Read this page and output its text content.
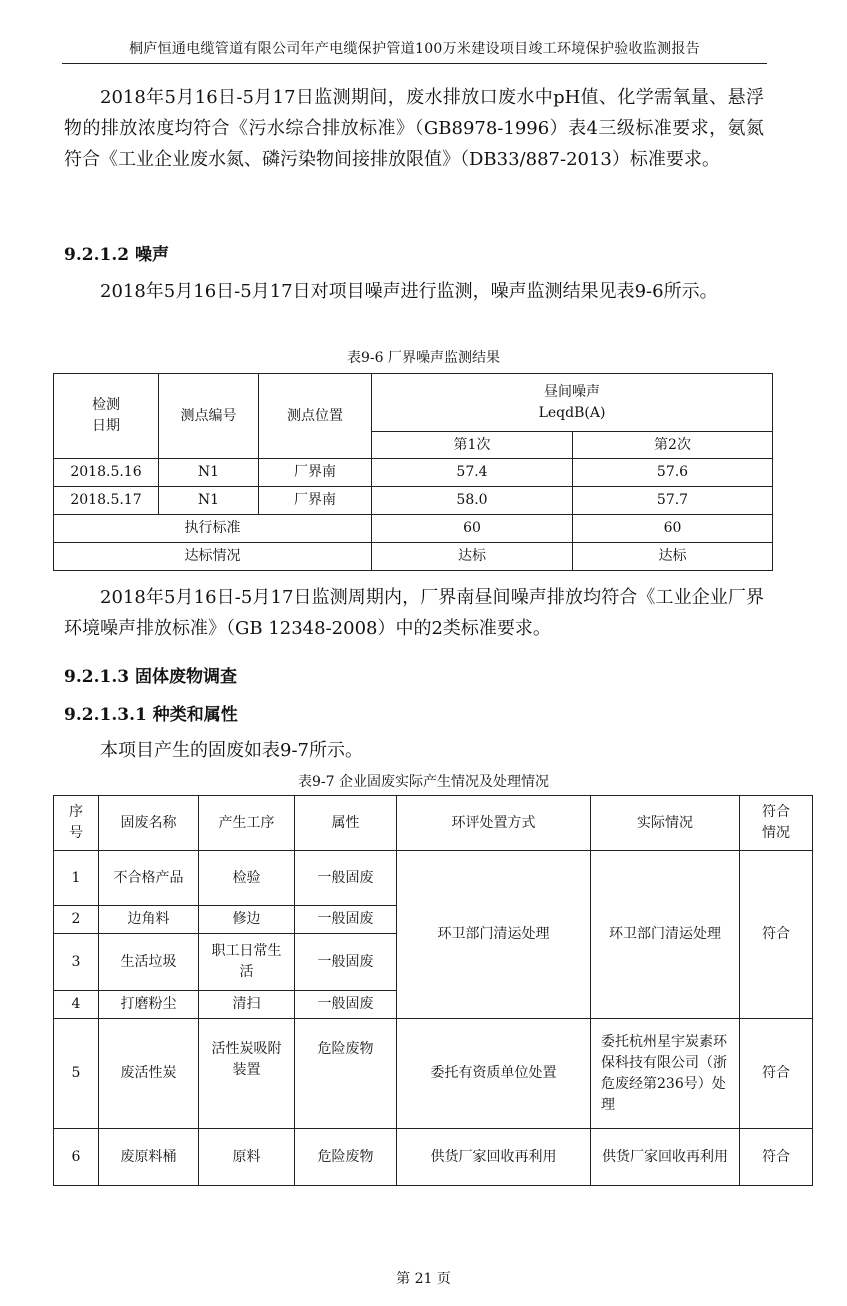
桐庐恒通电缆管道有限公司年产电缆保护管道100万米建设项目竣工环境保护验收监测报告

2018年5月16日-5月17日监测期间，废水排放口废水中pH值、化学需氧量、悬浮物的排放浓度均符合《污水综合排放标准》（GB8978-1996）表4三级标准要求，氨氮符合《工业企业废水氮、磷污染物间接排放限值》（DB33/887-2013）标准要求。

9.2.1.2 噪声

2018年5月16日-5月17日对项目噪声进行监测，噪声监测结果见表9-6所示。

表9-6 厂界噪声监测结果

检测日期	测点编号	测点位置	昼间噪声
LeqdB(A)	

			第1次	第2次
2018.5.16	N1	厂界南	57.4	57.6
2018.5.17	N1	厂界南	58.0	57.7
执行标准			60	60
达标情况			达标	达标

2018年5月16日-5月17日监测周期内，厂界南昼间噪声排放均符合《工业企业厂界环境噪声排放标准》（GB 12348-2008）中的2类标准要求。

9.2.1.3 固体废物调查

9.2.1.3.1 种类和属性

本项目产生的固废如表9-7所示。

表9-7 企业固废实际产生情况及处理情况

序号	固废名称	产生工序	属性	环评处置方式	实际情况	符合情况

1	不合格产品	检验	一般固废	环卫部门清运处理	环卫部门清运处理	符合
2	边角料	修边	一般固废			
3	生活垃圾	职工日常生活	一般固废			
4	打磨粉尘	清扫	一般固废			
5	废活性炭	活性炭吸附装置	危险废物	委托有资质单位处置	委托杭州星宇炭素环保科技有限公司（浙危废经第236号）处理	符合
6	废原料桶	原料	危险废物	供货厂家回收再利用	供货厂家回收再利用	符合
第 21 页
